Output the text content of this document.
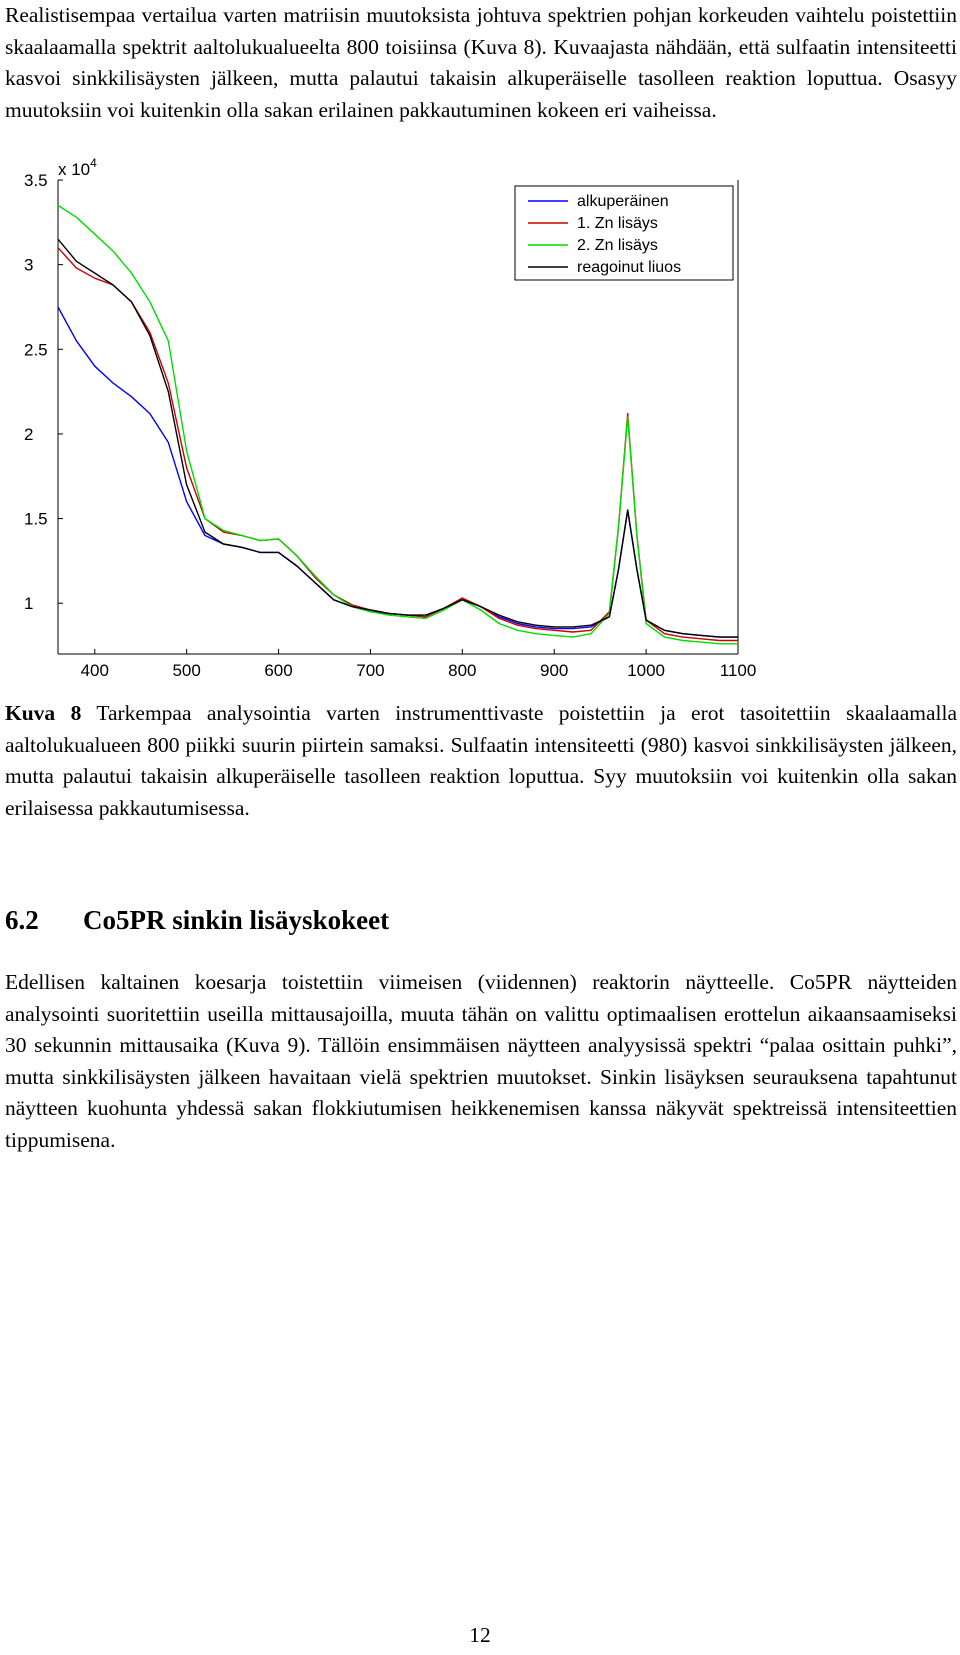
Realistisempaa vertailua varten matriisin muutoksista johtuva spektrien pohjan korkeuden vaihtelu poistettiin skaalaamalla spektrit aaltolukualueelta 800 toisiinsa (Kuva 8). Kuvaajasta nähdään, että sulfaatin intensiteetti kasvoi sinkkilisäysten jälkeen, mutta palautui takaisin alkuperäiselle tasolleen reaktion loputtua. Osasyy muutoksiin voi kuitenkin olla sakan erilainen pakkautuminen kokeen eri vaiheissa.

400	500	600	700	800	900	1000	1100
1
1.5
2
2.5
3
3.5
x $10^4$
alkuperäinen
1. Zn lisäys
2. Zn lisäys
reagoinut liuos

Kuva 8 Tarkempaa analysointia varten instrumenttivaste poistettiin ja erot tasoitettiin skaalaamalla aaltolukualueen 800 piikki suurin piirtein samaksi. Sulfaatin intensiteetti (980) kasvoi sinkkilisäysten jälkeen, mutta palautui takaisin alkuperäiselle tasolleen reaktion loputtua. Syy muutoksiin voi kuitenkin olla sakan erilaisessa pakkautumisessa.

6.2 Co5PR sinkin lisäyskokeet

Edellisen kaltainen koesarja toistettiin viimeisen (viidennen) reaktorin näytteelle. Co5PR näytteiden analysointi suoritettiin useilla mittausajoilla, muuta tähän on valittu optimaalisen erottelun aikaansaamiseksi 30 sekunnin mittausaika (Kuva 9). Tällöin ensimmäisen näytteen analyysissä spektri “palaa osittain puhki”, mutta sinkkilisäysten jälkeen havaitaan vielä spektrien muutokset. Sinkin lisäyksen seurauksena tapahtunut näytteen kuohunta yhdessä sakan flokkiutumisen heikkenemisen kanssa näkyvät spektreissä intensiteettien tippumisena.

12
